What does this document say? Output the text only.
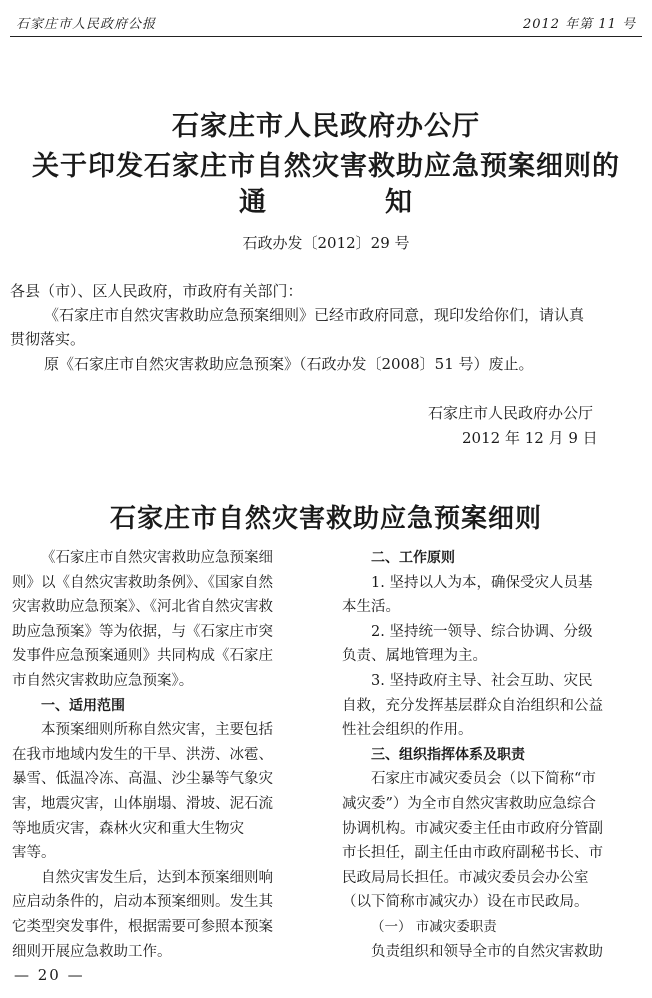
石家庄市人民政府公报	2012 年第 11 号
石家庄市人民政府办公厅
关于印发石家庄市自然灾害救助应急预案细则的
通	知
石政办发〔2012〕29 号
各县（市）、区人民政府，市政府有关部门：
《石家庄市自然灾害救助应急预案细则》已经市政府同意，现印发给你们，请认真
贯彻落实。
原《石家庄市自然灾害救助应急预案》（石政办发〔2008〕51 号）废止。
石家庄市人民政府办公厅
2012 年 12 月 9 日
石家庄市自然灾害救助应急预案细则
《石家庄市自然灾害救助应急预案细
则》以《自然灾害救助条例》、《国家自然
灾害救助应急预案》、《河北省自然灾害救
助应急预案》等为依据，与《石家庄市突
发事件应急预案通则》共同构成《石家庄
市自然灾害救助应急预案》。
一、适用范围
本预案细则所称自然灾害，主要包括
在我市地域内发生的干旱、洪涝、冰雹、
暴雪、低温冷冻、高温、沙尘暴等气象灾
害，地震灾害，山体崩塌、滑坡、泥石流
等地质灾害，森林火灾和重大生物灾
害等。
自然灾害发生后，达到本预案细则响
应启动条件的，启动本预案细则。发生其
它类型突发事件，根据需要可参照本预案
细则开展应急救助工作。
二、工作原则
1. 坚持以人为本，确保受灾人员基
本生活。
2. 坚持统一领导、综合协调、分级
负责、属地管理为主。
3. 坚持政府主导、社会互助、灾民
自救，充分发挥基层群众自治组织和公益
性社会组织的作用。
三、组织指挥体系及职责
石家庄市减灾委员会（以下简称“市
减灾委”）为全市自然灾害救助应急综合
协调机构。市减灾委主任由市政府分管副
市长担任，副主任由市政府副秘书长、市
民政局局长担任。市减灾委员会办公室
（以下简称市减灾办）设在市民政局。
（一） 市减灾委职责
负责组织和领导全市的自然灾害救助
— 20 —
